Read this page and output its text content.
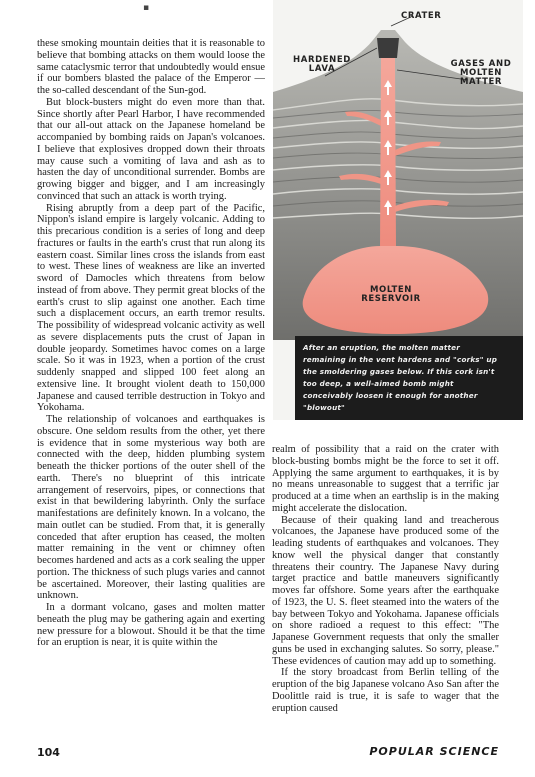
▪

these smoking mountain deities that it is reasonable to believe that bombing attacks on them would loose the same cataclysmic terror that undoubtedly would ensue if our bombers blasted the palace of the Emperor —the so-called descendant of the Sun-god.

But block-busters might do even more than that. Since shortly after Pearl Harbor, I have recommended that our all-out attack on the Japanese homeland be accompanied by bombing raids on Japan's volcanoes. I believe that explosives dropped down their throats may cause such a vomiting of lava and ash as to hasten the day of unconditional surrender. Bombs are growing bigger and bigger, and I am increasingly convinced that such an attack is worth trying.

Rising abruptly from a deep part of the Pacific, Nippon's island empire is largely volcanic. Adding to this precarious condition is a series of long and deep fractures or faults in the earth's crust that run along its eastern coast. Similar lines cross the islands from east to west. These lines of weakness are like an inverted sword of Damocles which threatens from below instead of from above. They permit great blocks of the earth's crust to slip against one another. Each time such a displacement occurs, an earth tremor results. The possibility of widespread volcanic activity as well as severe displacements puts the crust of Japan in double jeopardy. Sometimes havoc comes on a large scale. So it was in 1923, when a portion of the crust suddenly snapped and slipped 100 feet along an extensive line. It brought violent death to 150,000 Japanese and caused terrible destruction in Tokyo and Yokohama.

The relationship of volcanoes and earthquakes is obscure. One seldom results from the other, yet there is evidence that in some mysterious way both are connected with the deep, hidden plumbing system beneath the thicker portions of the outer shell of the earth. There's no blueprint of this intricate arrangement of reservoirs, pipes, or connections that exist in that bewildering labyrinth. Only the surface manifestations are definitely known. In a volcano, the main outlet can be studied. From that, it is generally conceded that after eruption has ceased, the molten matter remaining in the vent or chimney often becomes hardened and acts as a cork sealing the upper portion. The thickness of such plugs varies and cannot be ascertained. Moreover, their lasting qualities are unknown.

In a dormant volcano, gases and molten matter beneath the plug may be gathering again and exerting new pressure for a blowout. Should it be that the time for an eruption is near, it is quite within the

CRATER
HARDENED
LAVA	GASES AND
MOLTEN
MATTER
MOLTEN
RESERVOIR
After an eruption, the molten matter remaining in the vent hardens and "corks" up the smoldering gases below. If this cork isn't too deep, a well-aimed bomb might conceivably loosen it enough for another "blowout"

realm of possibility that a raid on the crater with block-busting bombs might be the force to set it off. Applying the same argument to earthquakes, it is by no means unreasonable to suggest that a terrific jar produced at a time when an earthslip is in the making might accelerate the dislocation.

Because of their quaking land and treacherous volcanoes, the Japanese have produced some of the leading students of earthquakes and volcanoes. They know well the physical danger that constantly threatens their country. The Japanese Navy during target practice and battle maneuvers significantly moves far offshore. Some years after the earthquake of 1923, the U. S. fleet steamed into the waters of the bay between Tokyo and Yokohama. Japanese officials on shore radioed a request to this effect: "The Japanese Government requests that only the smaller guns be used in exchanging salutes. So sorry, please." These evidences of caution may add up to something.

If the story broadcast from Berlin telling of the eruption of the big Japanese volcano Aso San after the Doolittle raid is true, it is safe to wager that the eruption caused

104	POPULAR SCIENCE
